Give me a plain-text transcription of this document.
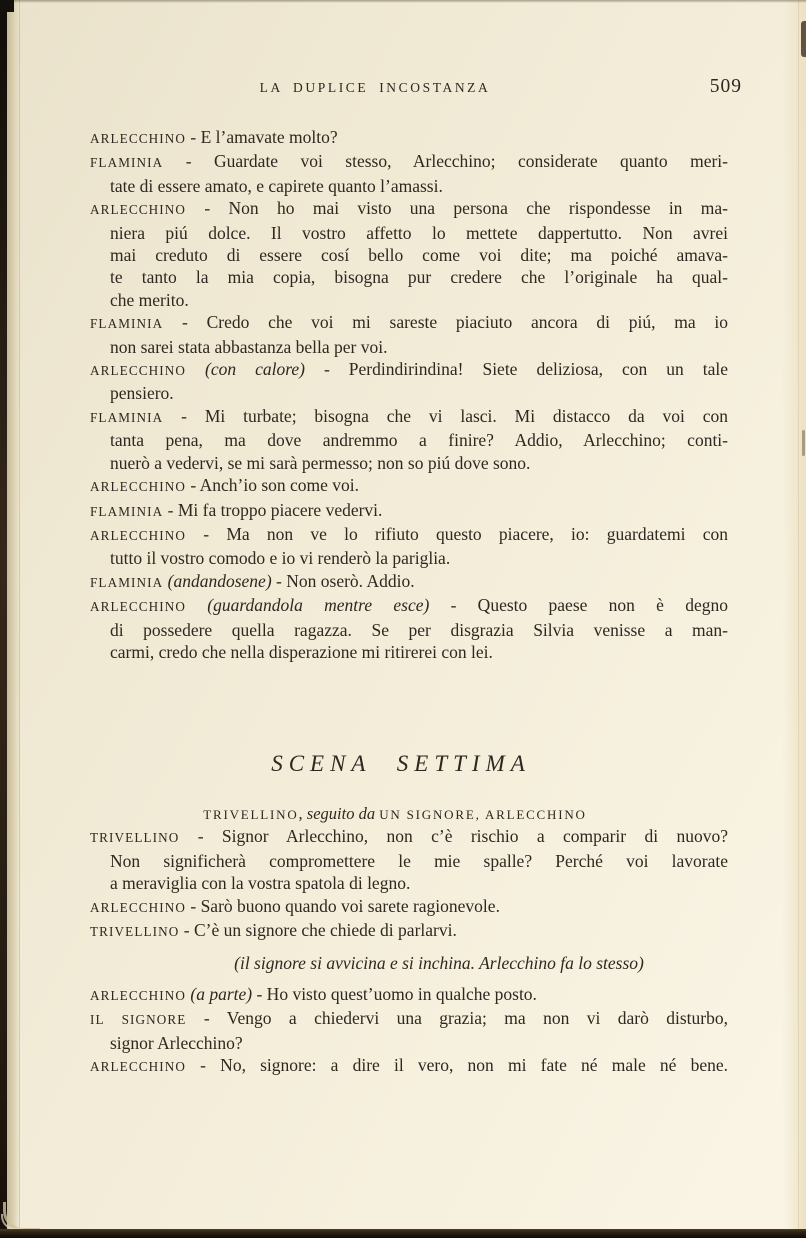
LA DUPLICE INCOSTANZA	509
ARLECCHINO - E l’amavate molto?
FLAMINIA - Guardate voi stesso, Arlecchino; considerate quanto meri-
tate di essere amato, e capirete quanto l’amassi.
ARLECCHINO - Non ho mai visto una persona che rispondesse in ma-
niera piú dolce. Il vostro affetto lo mettete dappertutto. Non avrei
mai creduto di essere cosí bello come voi dite; ma poiché amava-
te tanto la mia copia, bisogna pur credere che l’originale ha qual-
che merito.
FLAMINIA - Credo che voi mi sareste piaciuto ancora di piú, ma io
non sarei stata abbastanza bella per voi.
ARLECCHINO (con calore) - Perdindirindina! Siete deliziosa, con un tale
pensiero.
FLAMINIA - Mi turbate; bisogna che vi lasci. Mi distacco da voi con
tanta pena, ma dove andremmo a finire? Addio, Arlecchino; conti-
nuerò a vedervi, se mi sarà permesso; non so piú dove sono.
ARLECCHINO - Anch’io son come voi.
FLAMINIA - Mi fa troppo piacere vedervi.
ARLECCHINO - Ma non ve lo rifiuto questo piacere, io: guardatemi con
tutto il vostro comodo e io vi renderò la pariglia.
FLAMINIA (andandosene) - Non oserò. Addio.
ARLECCHINO (guardandola mentre esce) - Questo paese non è degno
di possedere quella ragazza. Se per disgrazia Silvia venisse a man-
carmi, credo che nella disperazione mi ritirerei con lei.
SCENA SETTIMA
TRIVELLINO, seguito da UN SIGNORE, ARLECCHINO
TRIVELLINO - Signor Arlecchino, non c’è rischio a comparir di nuovo?
Non significherà compromettere le mie spalle? Perché voi lavorate
a meraviglia con la vostra spatola di legno.
ARLECCHINO - Sarò buono quando voi sarete ragionevole.
TRIVELLINO - C’è un signore che chiede di parlarvi.
(il signore si avvicina e si inchina. Arlecchino fa lo stesso)
ARLECCHINO (a parte) - Ho visto quest’uomo in qualche posto.
IL SIGNORE - Vengo a chiedervi una grazia; ma non vi darò disturbo,
signor Arlecchino?
ARLECCHINO - No, signore: a dire il vero, non mi fate né male né bene.
